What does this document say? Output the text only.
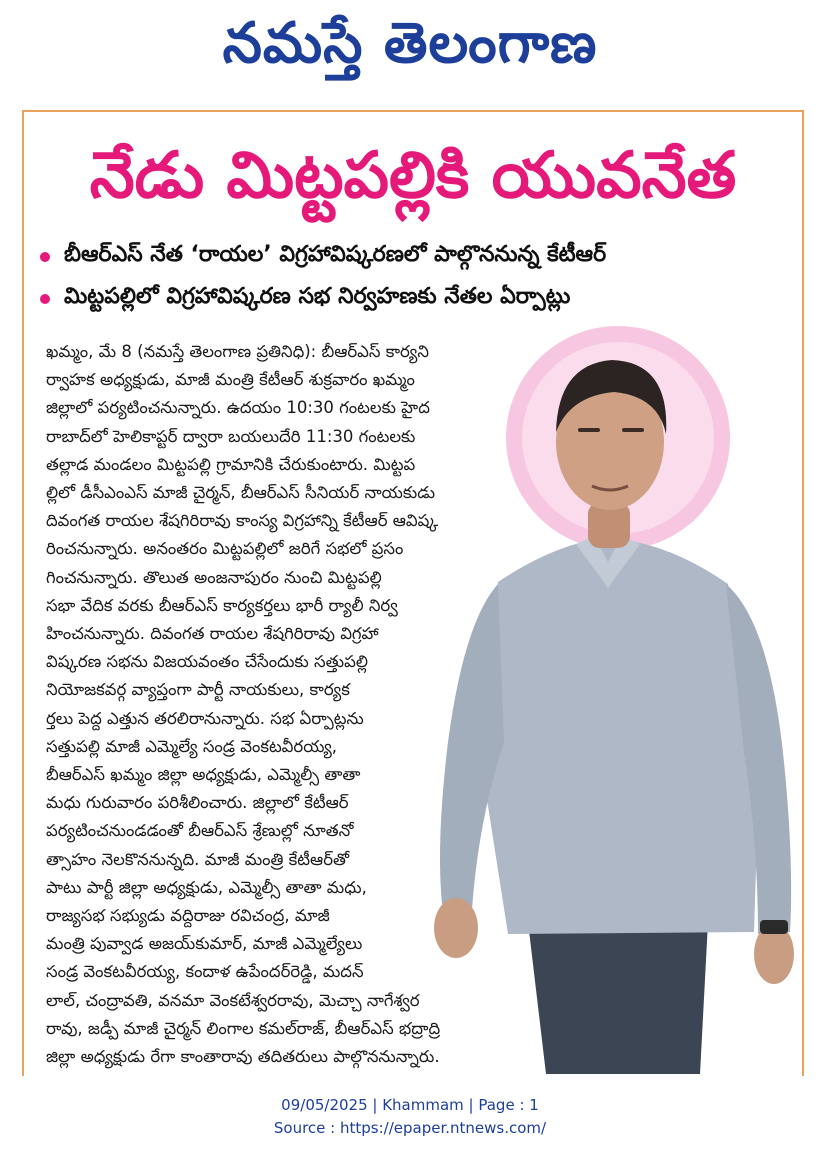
నమస్తే తెలంగాణ
నేడు మిట్టపల్లికి యువనేత
బీఆర్ఎస్ నేత ‘రాయల’ విగ్రహావిష్కరణలో పాల్గొననున్న కేటీఆర్
మిట్టపల్లిలో విగ్రహావిష్కరణ సభ నిర్వహణకు నేతల ఏర్పాట్లు
ఖమ్మం, మే 8 (నమస్తే తెలంగాణ ప్రతినిధి): బీఆర్ఎస్ కార్యని
ర్వాహక అధ్యక్షుడు, మాజీ మంత్రి కేటీఆర్ శుక్రవారం ఖమ్మం
జిల్లాలో పర్యటించనున్నారు. ఉదయం 10:30 గంటలకు హైద
రాబాద్‌లో హెలికాప్టర్ ద్వారా బయలుదేరి 11:30 గంటలకు
తల్లాడ మండలం మిట్టపల్లి గ్రామానికి చేరుకుంటారు. మిట్టప
ల్లిలో డీసీఎంఎస్ మాజీ చైర్మన్, బీఆర్ఎస్ సీనియర్ నాయకుడు
దివంగత రాయల శేషగిరిరావు కాంస్య విగ్రహాన్ని కేటీఆర్ ఆవిష్క
రించనున్నారు. అనంతరం మిట్టపల్లిలో జరిగే సభలో ప్రసం
గించనున్నారు. తొలుత అంజనాపురం నుంచి మిట్టపల్లి
సభా వేదిక వరకు బీఆర్ఎస్ కార్యకర్తలు భారీ ర్యాలీ నిర్వ
హించనున్నారు. దివంగత రాయల శేషగిరిరావు విగ్రహా
విష్కరణ సభను విజయవంతం చేసేందుకు సత్తుపల్లి
నియోజకవర్గ వ్యాప్తంగా పార్టీ నాయకులు, కార్యక
ర్తలు పెద్ద ఎత్తున తరలిరానున్నారు. సభ ఏర్పాట్లను
సత్తుపల్లి మాజీ ఎమ్మెల్యే సండ్ర వెంకటవీరయ్య,
బీఆర్ఎస్ ఖమ్మం జిల్లా అధ్యక్షుడు, ఎమ్మెల్సీ తాతా
మధు గురువారం పరిశీలించారు. జిల్లాలో కేటీఆర్
పర్యటించనుండడంతో బీఆర్ఎస్ శ్రేణుల్లో నూతనో
త్సాహం నెలకొననున్నది. మాజీ మంత్రి కేటీఆర్‌తో
పాటు పార్టీ జిల్లా అధ్యక్షుడు, ఎమ్మెల్సీ తాతా మధు,
రాజ్యసభ సభ్యుడు వద్దిరాజు రవిచంద్ర, మాజీ
మంత్రి పువ్వాడ అజయ్‌కుమార్, మాజీ ఎమ్మెల్యేలు
సండ్ర వెంకటవీరయ్య, కందాళ ఉపేందర్‌రెడ్డి, మదన్
లాల్, చంద్రావతి, వనమా వెంకటేశ్వరరావు, మెచ్చా నాగేశ్వర
రావు, జడ్పీ మాజీ చైర్మన్ లింగాల కమల్‌రాజ్, బీఆర్ఎస్ భద్రాద్రి
జిల్లా అధ్యక్షుడు రేగా కాంతారావు తదితరులు పాల్గొననున్నారు.
09/05/2025 | Khammam | Page : 1
Source : https://epaper.ntnews.com/
